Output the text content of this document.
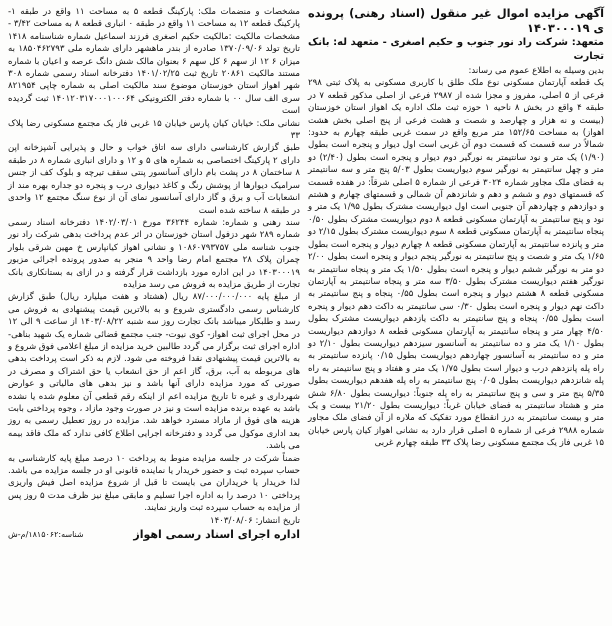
آگهی مزایده اموال غیر منقول (اسناد رهنی) پرونده ی ۱۴۰۳۰۰۰۱۹

متعهد: شرکت راد نور جنوب و حکیم اصغری - متعهد له: بانک تجارت

بدین وسیله به اطلاع عموم می رساند:

یک قطعه آپارتمان مسکونی نوع ملک طلق با کاربری مسکونی به پلاک ثبتی ۲۹۸ فرعی از ۵ اصلی، مفروز و مجزا شده از ۲۹۸۷ فرعی از اصلی مذکور قطعه ۷ در طبقه ۴ واقع در بخش ۸ ناحیه ۱ حوزه ثبت ملک اداره یک اهواز استان خوزستان (بیست و نه هزار و چهارصد و شصت و هشت فرعی از پنج اصلی بخش هشت اهواز) به مساحت ۱۵۲/۶۵ متر مربع واقع در سمت غربی طبقه چهارم به حدود: شمالاً در سه قسمت که قسمت دوم آن غربی است اول دیوار و پنجره است بطول (۱/۹۰) یک متر و نود سانتیمتر به نورگیر دوم دیوار و پنجره است بطول (۲/۴۰) دو متر و چهل سانتیمتر به نورگیر سوم دیواریست بطول ۵/۰۳ پنج متر و سه سانتیمتر به فضای ملک مجاور شماره ۳۰۲۴ فرعی از شماره ۵ اصلی شرقاً: در هفده قسمت که قسمتهای دوم و ششم و دهم و شانزدهم آن شمالی و قسمتهای چهارم و هشتم و دوازدهم و چهاردهم آن جنوبی است اول دیواریست مشترک بطول ۱/۹۵ یک متر و نود و پنج سانتیمتر به آپارتمان مسکونی قطعه ۸ دوم دیواریست مشترک بطول ۰/۵۰ پنجاه سانتیمتر به آپارتمان مسکونی قطعه ۸ سوم دیواریست مشترک بطول ۲/۱۵ دو متر و پانزده سانتیمتر به آپارتمان مسکونی قطعه ۸ چهارم دیوار و پنجره است بطول ۱/۶۵ یک متر و شصت و پنج سانتیمتر به نورگیر پنجم دیوار و پنجره است بطول ۲/۰۰ دو متر به نورگیر ششم دیوار و پنجره است بطول ۱/۵۰ یک متر و پنجاه سانتیمتر به نورگیر هفتم دیواریست مشترک بطول ۳/۵۰ سه متر و پنجاه سانتیمتر به آپارتمان مسکونی قطعه ۸ هشتم دیوار و پنجره است بطول ۰/۵۵ پنجاه و پنج سانتیمتر به داکت نهم دیوار و پنجره است بطول ۰/۳۰ سی سانتیمتر به داکت دهم دیوار و پنجره است بطول ۰/۵۵ پنجاه و پنج سانتیمتر به داکت یازدهم دیواریست مشترک بطول ۴/۵۰ چهار متر و پنجاه سانتیمتر به آپارتمان مسکونی قطعه ۸ دوازدهم دیواریست بطول ۱/۱۰ یک متر و ده سانتیمتر به آسانسور سیزدهم دیواریست بطول ۲/۱۰ دو متر و ده سانتیمتر به آسانسور چهاردهم دیواریست بطول ۰/۱۵ پانزده سانتیمتر به راه پله پانزدهم درب و دیوار است بطول ۱/۷۵ یک متر و هفتاد و پنج سانتیمتر به راه پله شانزدهم دیواریست بطول ۰/۰۵ پنج سانتیمتر به راه پله هفدهم دیواریست بطول ۵/۳۵ پنج متر و سی و پنج سانتیمتر به راه پله جنوباً: دیواریست بطول ۶/۸۰ شش متر و هشتاد سانتیمتر به فضای خیابان غرباً: دیواریست بطول ۲۱/۲۰ بیست و یک متر و بیست سانتیمتر به درز انقطاع مورد تفکیک که ملاره از آن فضای ملک مجاور شماره ۲۹۸۸ فرعی از شماره ۵ اصلی قرار دارد به نشانی اهواز کیان پارس خیابان ۱۵ غربی فاز یک مجتمع مسکونی رضا پلاک ۳۳ طبقه چهارم غربی

مشخصات و منضمات ملک: پارکینگ قطعه ۵ به مساحت ۱۱ واقع در طبقه ۱- پارکینگ قطعه ۱۲ به مساحت ۱۱ واقع در طبقه ۰ انباری قطعه ۸ به مساحت ۳/۴۲ - مشخصات مالکیت :مالکیت حکیم اصغری فرزند اسماعیل شماره شناسنامه ۱۴۱۸ تاریخ تولد ۱۳۷۰/۰۹/۰۶ صادره از بندر ماهشهر دارای شماره ملی ۱۸۵۰۴۶۲۷۹۳ به میزان ۶ ۱۲ از سهم ۶ کل سهم ۶ بعنوان مالک شش دانگ عرصه و اعیان با شماره مستند مالکیت ۲۰۸۶۱ تاریخ ثبت ۱۴۰۱/۰۲/۲۵ دفترخانه اسناد رسمی شماره ۳۰۸ شهر اهواز استان خوزستان موضوع سند مالکیت اصلی به شماره چاپی ۸۲۱۹۵۴ سری الف سال ۰۰ با شماره دفتر الکترونیکی ۱۴۰۱۲۰۳۱۷۰۰۰۱۰۰۰۶۴ ثبت گردیده است
نشانی ملک: خیابان کیان پارس خیابان ۱۵ غربی فاز یک مجتمع مسکونی رضا پلاک ۳۳
طبق گزارش کارشناسی دارای سه اتاق خواب و حال و پذیرایی آشپزخانه اپن دارای ۲ پارکینگ اختصاصی به شماره های ۵ و ۱۲ و دارای انباری شماره ۸ در طبقه ۸ ساختمان ۸ در پشت بام دارای آسانسور پنتی سقف تیرچه و بلوک کف از جنس سرامیک دیوارها از پوشش رنگ و کاغذ دیواری درب و پنجره دو جداره بهره مند از انشعابات آب و برق و گاز دارای آسانسور نمای آن از نوع سنگ مجتمع ۱۲ واحدی در طبقه ۸ ساخته شده است
سند رهنی و شماره: شماره ۳۶۲۴۴ مورخ ۱۴۰۲/۰۳/۰۱ دفترخانه اسناد رسمی شماره ۲۸۹ شهر دزفول استان خوزستان در اثر عدم پرداخت بدهی شرکت راد نور جنوب شناسه ملی ۱۰۸۶۰۷۹۳۷۵۷ و نشانی اهواز کیانپارس خ مهین شرقی بلوار چمران پلاک ۲۸ مجتمع امام رضا واحد ۹ منجر به صدور پرونده اجرائی مزبور ۱۴۰۳۰۰۰۱۹ در این اداره مورد بازداشت قرار گرفته و در ازای به بستانکاری بانک تجارت از طریق مزایده به فروش می رسد مزایده
از مبلغ پایه ۸۷/۰۰۰/۰۰۰/۰۰۰ ریال (هشتاد و هفت میلیارد ریال) طبق گزارش کارشناس رسمی دادگستری شروع و به بالاترین قیمت پیشنهادی به فروش می رسد و طلبکار میباشد بانک تجارت روز سه شنبه ۱۴۰۳/۰۸/۲۲ از ساعت ۹ الی ۱۲ در محل اجرای ثبت اهواز- کوی نیوت- جنب مجتمع قضائی شماره یک شهید بناهی- اداره اجرای ثبت برگزار می گردد طالبین خرید مزایده از مبلغ اعلامی فوق شروع و به بالاترین قیمت پیشنهادی نقدا فروخته می شود. لازم به ذکر است پرداخت بدهی های مربوطه به آب، برق، گاز اعم از حق انشعاب یا حق اشتراک و مصرف در صورتی که مورد مزایده دارای آنها باشد و نیز بدهی های مالیاتی و عوارض شهرداری و غیره تا تاریخ مزایده اعم از اینکه رقم قطعی آن معلوم شده یا نشده باشد به عهده برنده مزایده است و نیز در صورت وجود مازاد ، وجوه پرداختی بابت هزینه های فوق از مازاد مسترد خواهد شد. مزایده در روز تعطیل رسمی به روز بعد اداری موکول می گردد و دفترخانه اجرایی اطلاع کافی ندارد که ملک فاقد بیمه می باشد.
ضمناً شرکت در جلسه مزایده منوط به پرداخت ۱۰ درصد مبلغ پایه کارشناسی به حساب سپرده ثبت و حضور خریدار یا نماینده قانونی او در جلسه مزایده می باشد. لذا خریدار یا خریداران می بایست تا قبل از شروع مزایده اصل فیش واریزی پرداختی ۱۰ درصد را به اداره اجرا تسلیم و مابقی مبلغ نیز ظرف مدت ۵ روز پس از مزایده به حساب سپرده ثبت واریز نمایند.

تاریخ انتشار: ۱۴۰۳/۰۸/۰۶
اداره اجرای اسناد رسمی اهواز
شناسه:۱۸۱۵۰۶۲/م-ش
